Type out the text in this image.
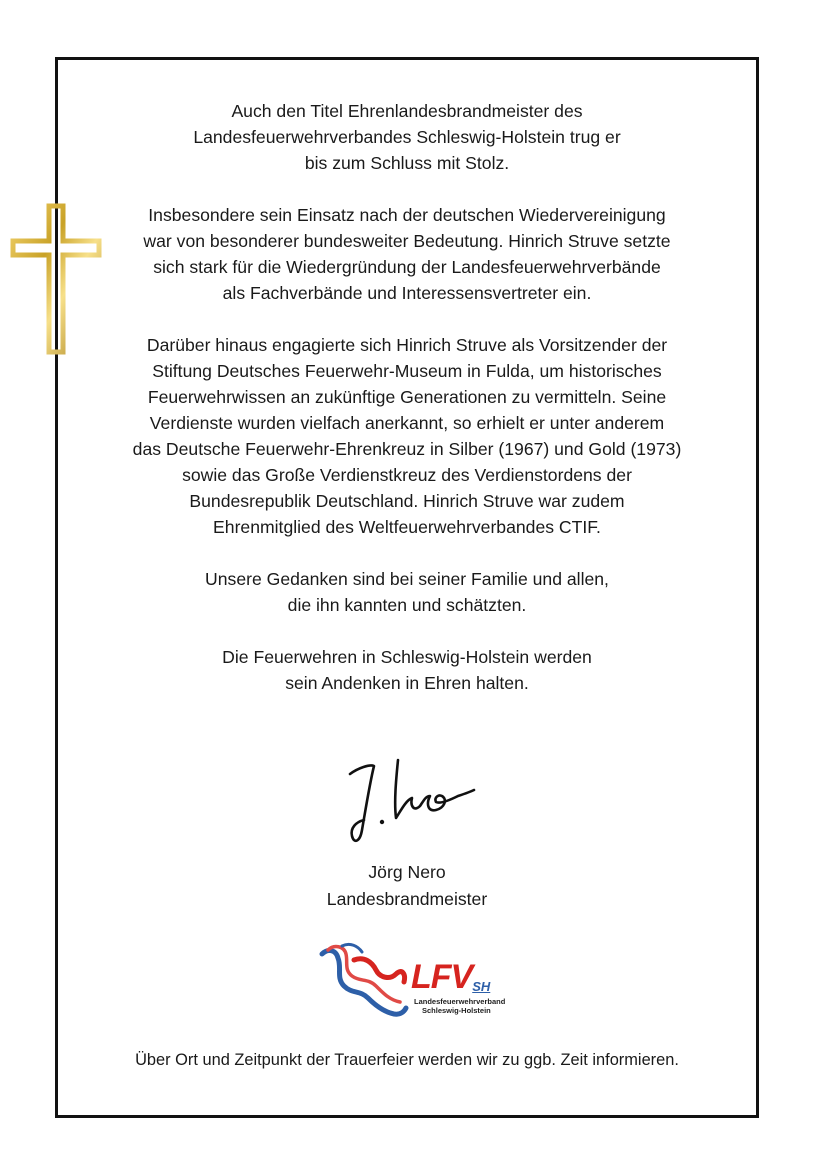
Auch den Titel Ehrenlandesbrandmeister des
Landesfeuerwehrverbandes Schleswig-Holstein trug er
bis zum Schluss mit Stolz.

Insbesondere sein Einsatz nach der deutschen Wiedervereinigung
war von besonderer bundesweiter Bedeutung. Hinrich Struve setzte
sich stark für die Wiedergründung der Landesfeuerwehrverbände
als Fachverbände und Interessensvertreter ein.

Darüber hinaus engagierte sich Hinrich Struve als Vorsitzender der
Stiftung Deutsches Feuerwehr-Museum in Fulda, um historisches
Feuerwehrwissen an zukünftige Generationen zu vermitteln. Seine
Verdienste wurden vielfach anerkannt, so erhielt er unter anderem
das Deutsche Feuerwehr-Ehrenkreuz in Silber (1967) und Gold (1973)
sowie das Große Verdienstkreuz des Verdienstordens der
Bundesrepublik Deutschland. Hinrich Struve war zudem
Ehrenmitglied des Weltfeuerwehrverbandes CTIF.

Unsere Gedanken sind bei seiner Familie und allen,
die ihn kannten und schätzten.

Die Feuerwehren in Schleswig-Holstein werden
sein Andenken in Ehren halten.

Jörg Nero
Landesbrandmeister
LFVSH
Landesfeuerwehrverband
Schleswig-Holstein
Über Ort und Zeitpunkt der Trauerfeier werden wir zu ggb. Zeit informieren.
